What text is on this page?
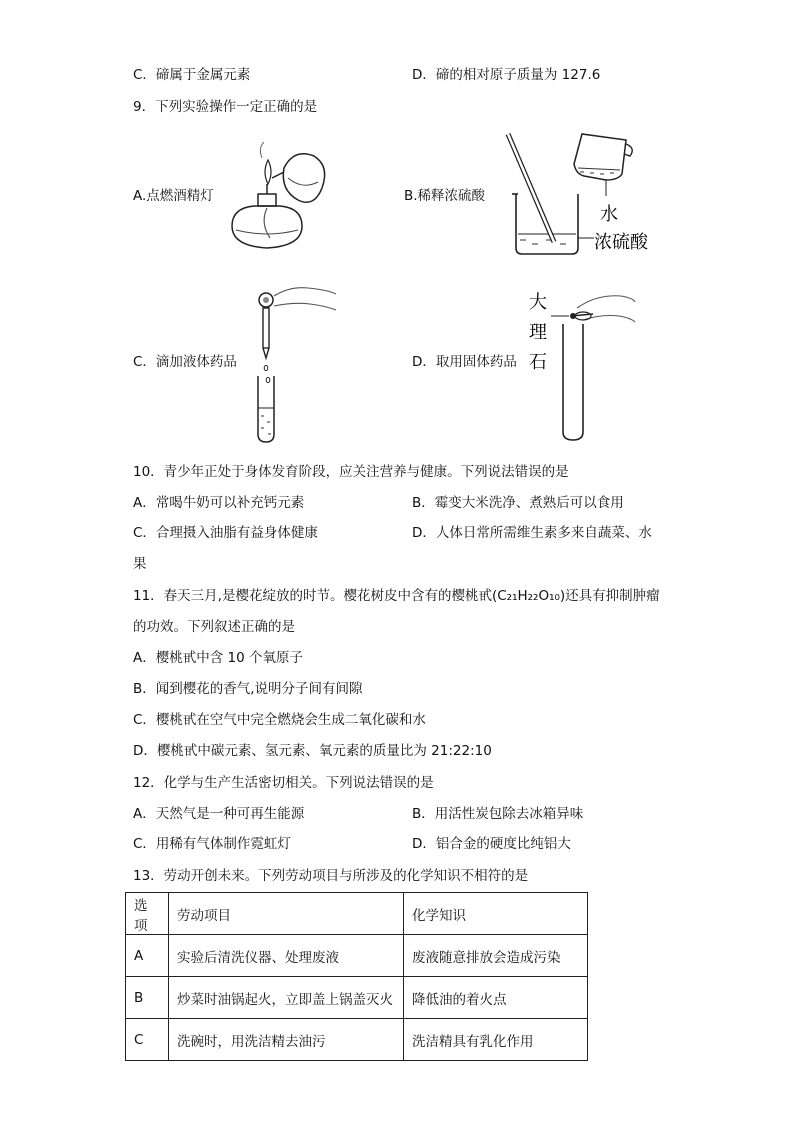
C．碲属于金属元素	D．碲的相对原子质量为 127.6
9．下列实验操作一定正确的是
A.点燃酒精灯	B.稀释浓硫酸
水
浓硫酸
C．滴加液体药品	D．取用固体药品
大
理
石
10．青少年正处于身体发育阶段，应关注营养与健康。下列说法错误的是
A．常喝牛奶可以补充钙元素	B．霉变大米洗净、煮熟后可以食用
C．合理摄入油脂有益身体健康	D．人体日常所需维生素多来自蔬菜、水
果
11．春天三月,是樱花绽放的时节。樱花树皮中含有的樱桃甙(C₂₁H₂₂O₁₀)还具有抑制肿瘤
的功效。下列叙述正确的是
A．樱桃甙中含 10 个氧原子
B．闻到樱花的香气,说明分子间有间隙
C．樱桃甙在空气中完全燃烧会生成二氧化碳和水
D．樱桃甙中碳元素、氢元素、氧元素的质量比为 21:22:10
12．化学与生产生活密切相关。下列说法错误的是
A．天然气是一种可再生能源	B．用活性炭包除去冰箱异味
C．用稀有气体制作霓虹灯	D．铝合金的硬度比纯铝大
13．劳动开创未来。下列劳动项目与所涉及的化学知识不相符的是
选项	劳动项目	化学知识
A	实验后清洗仪器、处理废液	废液随意排放会造成污染
B	炒菜时油锅起火，立即盖上锅盖灭火	降低油的着火点
C	洗碗时，用洗洁精去油污	洗洁精具有乳化作用
